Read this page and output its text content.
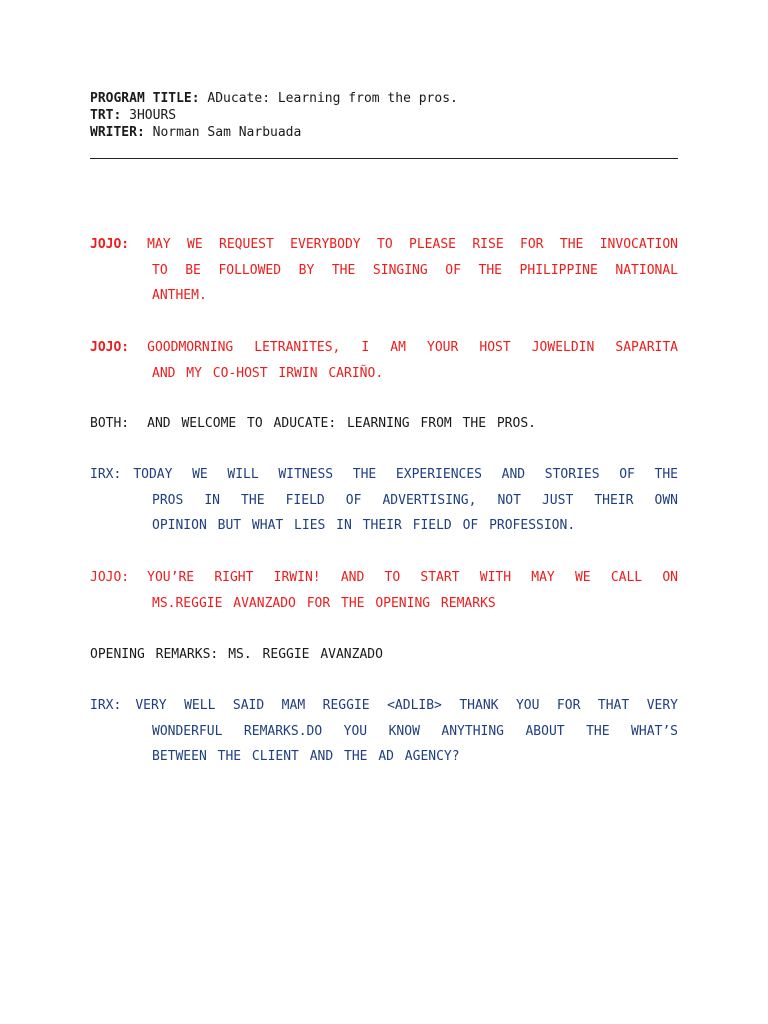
PROGRAM TITLE: ADucate: Learning from the pros.
TRT: 3HOURS
WRITER: Norman Sam Narbuada
JOJO: MAY WE REQUEST EVERYBODY TO PLEASE RISE FOR THE INVOCATION
TO BE FOLLOWED BY THE SINGING OF THE PHILIPPINE NATIONAL
ANTHEM.
JOJO: GOODMORNING LETRANITES, I AM YOUR HOST JOWELDIN SAPARITA
AND MY CO-HOST IRWIN CARIÑO.
BOTH:	AND WELCOME TO ADUCATE: LEARNING FROM THE PROS.
IRX: TODAY WE WILL WITNESS THE EXPERIENCES AND STORIES OF THE
PROS IN THE FIELD OF ADVERTISING, NOT JUST THEIR OWN
OPINION BUT WHAT LIES IN THEIR FIELD OF PROFESSION.
JOJO: YOU’RE RIGHT IRWIN! AND TO START WITH MAY WE CALL ON
MS.REGGIE AVANZADO FOR THE OPENING REMARKS
OPENING REMARKS: MS. REGGIE AVANZADO
IRX: VERY WELL SAID MAM REGGIE <ADLIB> THANK YOU FOR THAT VERY
WONDERFUL REMARKS.DO YOU KNOW ANYTHING ABOUT THE WHAT’S
BETWEEN THE CLIENT AND THE AD AGENCY?
